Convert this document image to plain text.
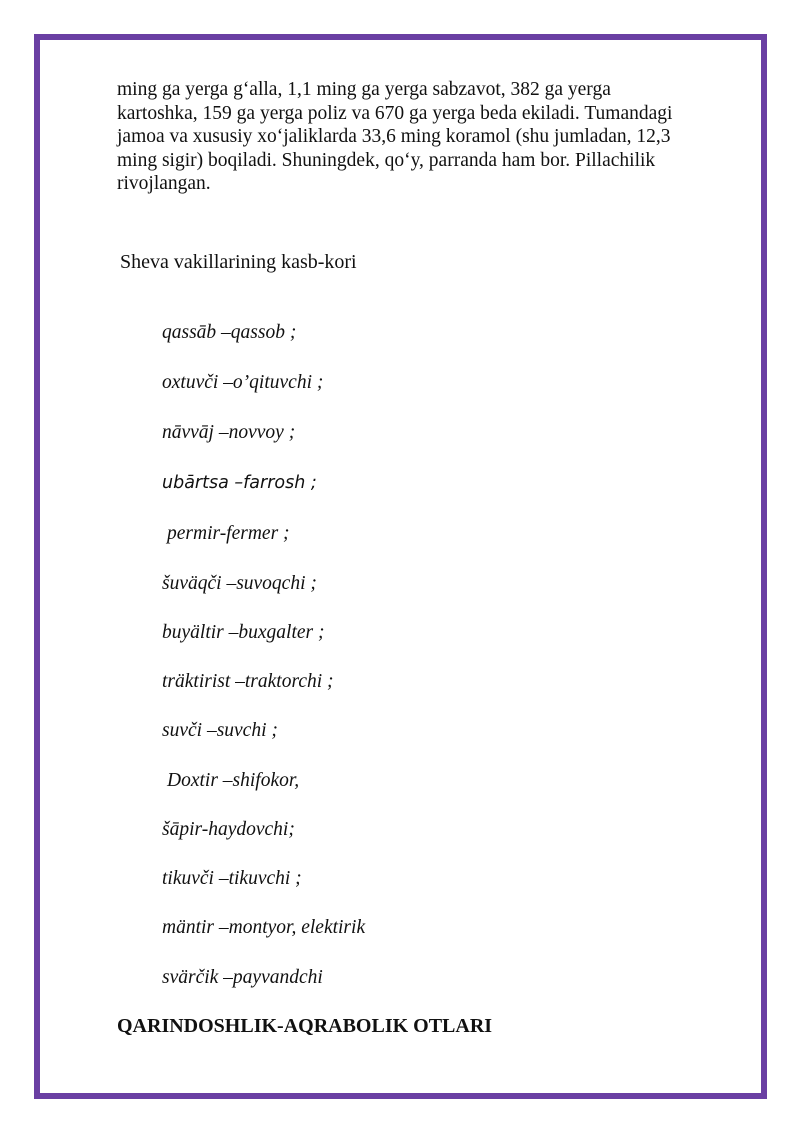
ming ga yerga g‘alla, 1,1 ming ga yerga sabzavot, 382 ga yerga
kartoshka, 159 ga yerga poliz va 670 ga yerga beda ekiladi. Tumandagi
jamoa va xususiy xo‘jaliklarda 33,6 ming koramol (shu jumladan, 12,3
ming sigir) boqiladi. Shuningdek, qo‘y, parranda ham bor. Pillachilik
rivojlangan.
Sheva vakillarining kasb-kori
qassāb –qassob ;
oxtuvči –o’qituvchi ;
nāvvāj –novvoy ;
ubārtsa –farrosh ;
permir-fermer ;
šuväqči –suvoqchi ;
buyältir –buxgalter ;
träktirist –traktorchi ;
suvči –suvchi ;
Doxtir –shifokor,
šāpir-haydovchi;
tikuvči –tikuvchi ;
mäntir –montyor, elektirik
svärčik –payvandchi
QARINDOSHLIK-AQRABOLIK OTLARI
